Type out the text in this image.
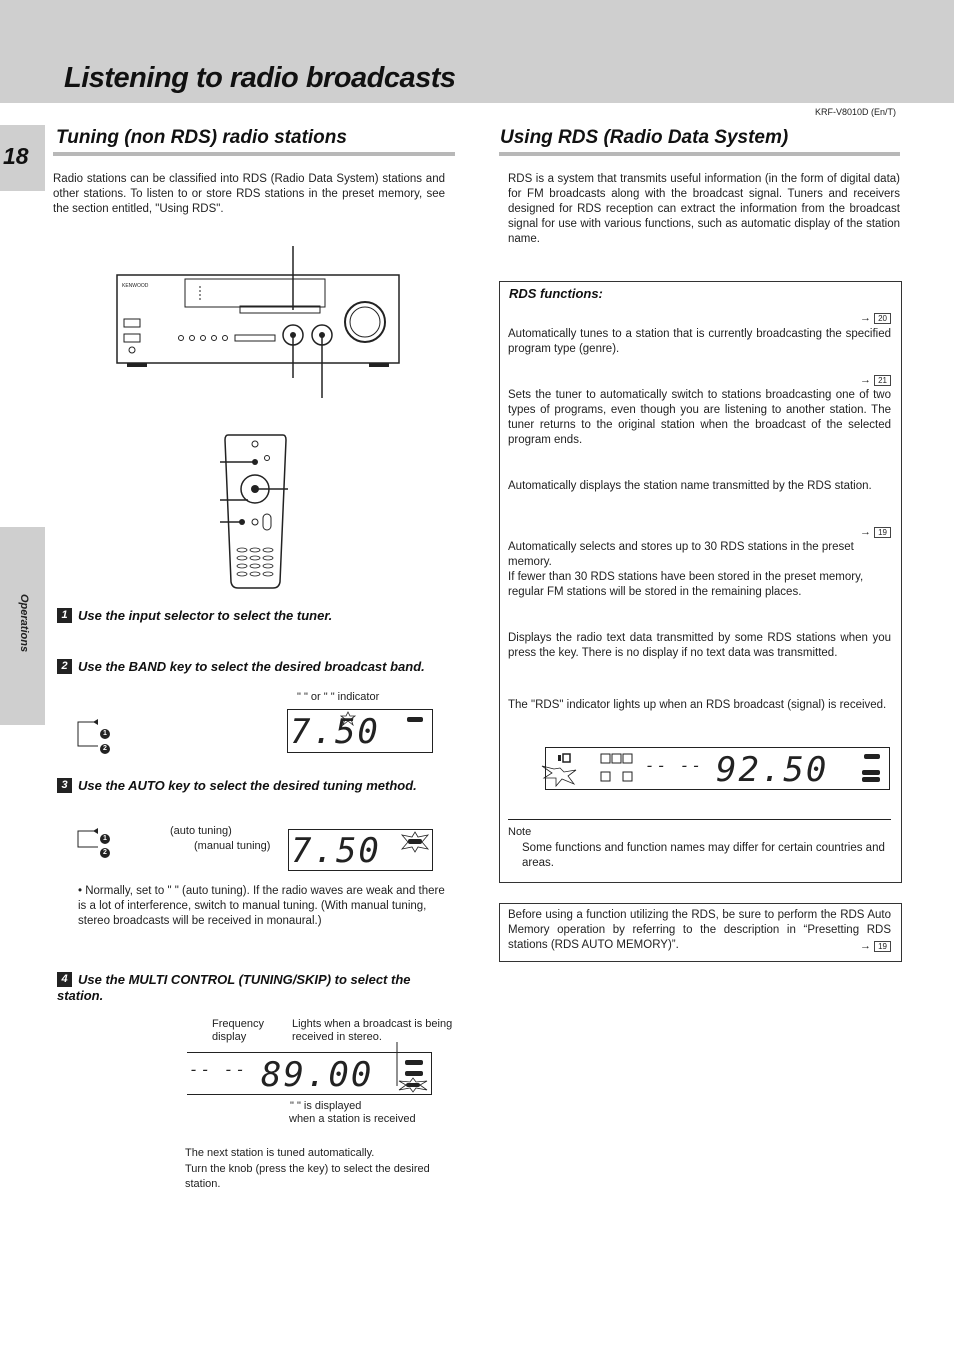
Listening to radio broadcasts
KRF-V8010D (En/T)
18
Operations
Tuning (non RDS) radio stations
Radio stations can be classified into RDS (Radio Data System) stations and other stations. To listen to or store RDS stations in the preset memory, see the section entitled, "Using RDS".
KENWOOD
1 Use the input selector to select the tuner.
2 Use the BAND key to select the desired broadcast band.
" " or " " indicator
1
2	7.50
3 Use the AUTO key to select the desired tuning method.
1
2
(auto tuning)
(manual tuning) 7.50
• Normally, set to " " (auto tuning). If the radio waves are weak and there is a lot of interference, switch to manual tuning. (With manual tuning, stereo broadcasts will be received in monaural.)
4 Use the MULTI CONTROL (TUNING/SKIP) to select the station.
Frequency display
Lights when a broadcast is being received in stereo.
-- -- 89.00
" " is displayed
when a station is received
The next station is tuned automatically.
Turn the knob (press the key) to select the desired station.
Using RDS (Radio Data System)
RDS is a system that transmits useful information (in the form of digital data) for FM broadcasts along with the broadcast signal. Tuners and receivers designed for RDS reception can extract the information from the broadcast signal for use with various functions, such as automatic display of the station name.
RDS functions:
→ 20
Automatically tunes to a station that is currently broadcasting the specified program type (genre).
→ 21
Sets the tuner to automatically switch to stations broadcasting one of two types of programs, even though you are listening to another station. The tuner returns to the original station when the broadcast of the selected program ends.
Automatically displays the station name transmitted by the RDS station.
→ 19
Automatically selects and stores up to 30 RDS stations in the preset memory.
If fewer than 30 RDS stations have been stored in the preset memory, regular FM stations will be stored in the remaining places.
Displays the radio text data transmitted by some RDS stations when you press the key. There is no display if no text data was transmitted.
The "RDS" indicator lights up when an RDS broadcast (signal) is received.
-- -- 92.50
Note
Some functions and function names may differ for certain countries and areas.
Before using a function utilizing the RDS, be sure to perform the RDS Auto Memory operation by referring to the description in “Presetting RDS stations (RDS AUTO MEMORY)”.	→ 19
